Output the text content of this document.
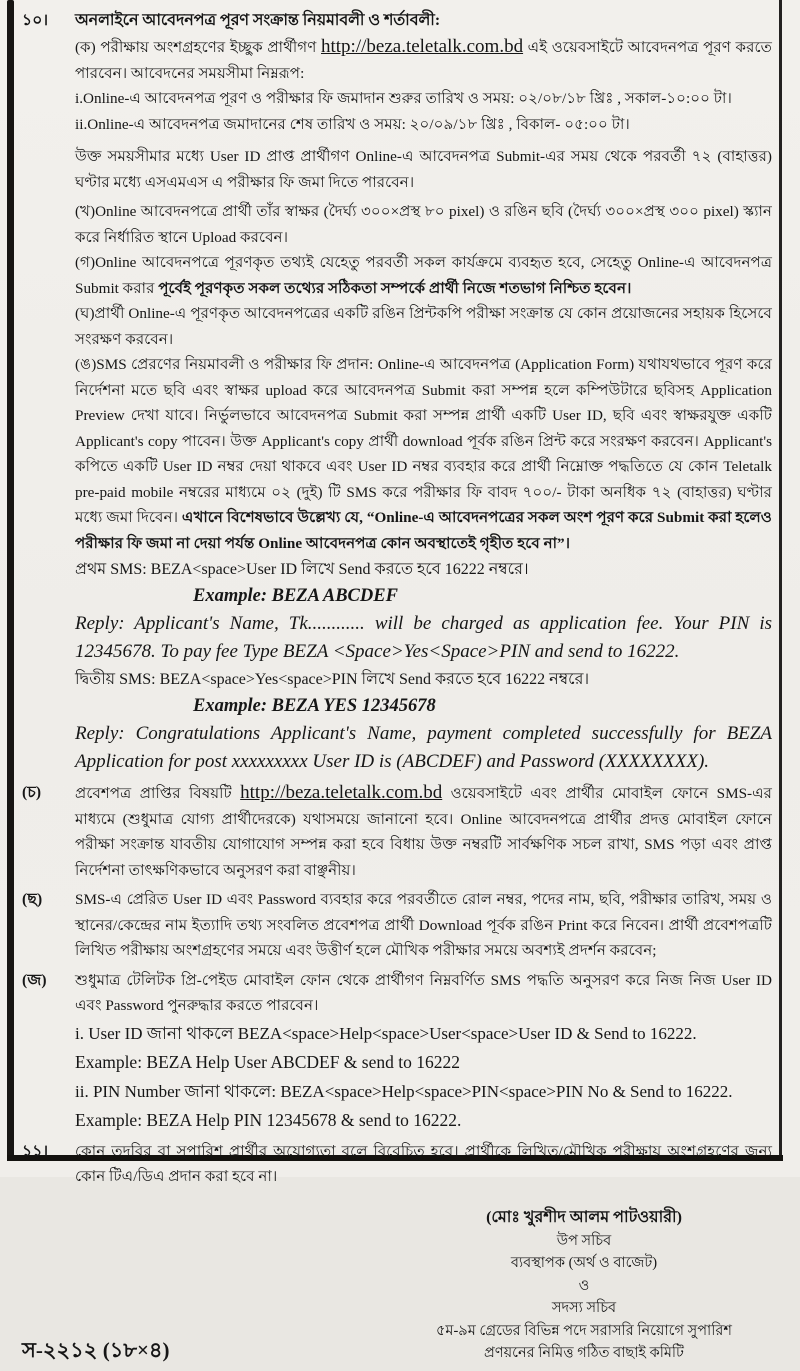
১০।	অনলাইনে আবেদনপত্র পূরণ সংক্রান্ত নিয়মাবলী ও শর্তাবলী:

(ক) পরীক্ষায় অংশগ্রহণের ইচ্ছুক প্রার্থীগণ http://beza.teletalk.com.bd এই ওয়েবসাইটে আবেদনপত্র পূরণ করতে পারবেন। আবেদনের সময়সীমা নিম্নরূপ:

i.Online-এ আবেদনপত্র পূরণ ও পরীক্ষার ফি জমাদান শুরুর তারিখ ও সময়: ০২/০৮/১৮ খ্রিঃ , সকাল-১০:০০ টা।

ii.Online-এ আবেদনপত্র জমাদানের শেষ তারিখ ও সময়: ২০/০৯/১৮ খ্রিঃ , বিকাল- ০৫:০০ টা।

উক্ত সময়সীমার মধ্যে User ID প্রাপ্ত প্রার্থীগণ Online-এ আবেদনপত্র Submit-এর সময় থেকে পরবর্তী ৭২ (বাহাত্তর) ঘণ্টার মধ্যে এসএমএস এ পরীক্ষার ফি জমা দিতে পারবেন।

(খ)Online আবেদনপত্রে প্রার্থী তাঁর স্বাক্ষর (দৈর্ঘ্য ৩০০×প্রস্থ ৮০ pixel) ও রঙিন ছবি (দৈর্ঘ্য ৩০০×প্রস্থ ৩০০ pixel) স্ক্যান করে নির্ধারিত স্থানে Upload করবেন।

(গ)Online আবেদনপত্রে পূরণকৃত তথ্যই যেহেতু পরবর্তী সকল কার্যক্রমে ব্যবহৃত হবে, সেহেতু Online-এ আবেদনপত্র Submit করার পূর্বেই পূরণকৃত সকল তথ্যের সঠিকতা সম্পর্কে প্রার্থী নিজে শতভাগ নিশ্চিত হবেন।

(ঘ)প্রার্থী Online-এ পূরণকৃত আবেদনপত্রের একটি রঙিন প্রিন্টকপি পরীক্ষা সংক্রান্ত যে কোন প্রয়োজনের সহায়ক হিসেবে সংরক্ষণ করবেন।

(ঙ)SMS প্রেরণের নিয়মাবলী ও পরীক্ষার ফি প্রদান: Online-এ আবেদনপত্র (Application Form) যথাযথভাবে পূরণ করে নির্দেশনা মতে ছবি এবং স্বাক্ষর upload করে আবেদনপত্র Submit করা সম্পন্ন হলে কম্পিউটারে ছবিসহ Application Preview দেখা যাবে। নির্ভুলভাবে আবেদনপত্র Submit করা সম্পন্ন প্রার্থী একটি User ID, ছবি এবং স্বাক্ষরযুক্ত একটি Applicant's copy পাবেন। উক্ত Applicant's copy প্রার্থী download পূর্বক রঙিন প্রিন্ট করে সংরক্ষণ করবেন। Applicant's কপিতে একটি User ID নম্বর দেয়া থাকবে এবং User ID নম্বর ব্যবহার করে প্রার্থী নিম্নোক্ত পদ্ধতিতে যে কোন Teletalk pre-paid mobile নম্বরের মাধ্যমে ০২ (দুই) টি SMS করে পরীক্ষার ফি বাবদ ৭০০/- টাকা অনধিক ৭২ (বাহাত্তর) ঘণ্টার মধ্যে জমা দিবেন। এখানে বিশেষভাবে উল্লেখ্য যে, “Online-এ আবেদনপত্রের সকল অংশ পূরণ করে Submit করা হলেও পরীক্ষার ফি জমা না দেয়া পর্যন্ত Online আবেদনপত্র কোন অবস্থাতেই গৃহীত হবে না”।

প্রথম SMS: BEZA<space>User ID লিখে Send করতে হবে 16222 নম্বরে।

Example: BEZA ABCDEF

Reply: Applicant's Name, Tk............ will be charged as application fee. Your PIN is 12345678. To pay fee Type BEZA <Space>Yes<Space>PIN and send to 16222.

দ্বিতীয় SMS: BEZA<space>Yes<space>PIN লিখে Send করতে হবে 16222 নম্বরে।

Example: BEZA YES 12345678

Reply: Congratulations Applicant's Name, payment completed successfully for BEZA Application for post xxxxxxxxx User ID is (ABCDEF) and Password (XXXXXXXX).

(চ)	প্রবেশপত্র প্রাপ্তির বিষয়টি http://beza.teletalk.com.bd ওয়েবসাইটে এবং প্রার্থীর মোবাইল ফোনে SMS-এর মাধ্যমে (শুধুমাত্র যোগ্য প্রার্থীদেরকে) যথাসময়ে জানানো হবে। Online আবেদনপত্রে প্রার্থীর প্রদত্ত মোবাইল ফোনে পরীক্ষা সংক্রান্ত যাবতীয় যোগাযোগ সম্পন্ন করা হবে বিধায় উক্ত নম্বরটি সার্বক্ষণিক সচল রাখা, SMS পড়া এবং প্রাপ্ত নির্দেশনা তাৎক্ষণিকভাবে অনুসরণ করা বাঞ্ছনীয়।

(ছ)	SMS-এ প্রেরিত User ID এবং Password ব্যবহার করে পরবর্তীতে রোল নম্বর, পদের নাম, ছবি, পরীক্ষার তারিখ, সময় ও স্থানের/কেন্দ্রের নাম ইত্যাদি তথ্য সংবলিত প্রবেশপত্র প্রার্থী Download পূর্বক রঙিন Print করে নিবেন। প্রার্থী প্রবেশপত্রটি লিখিত পরীক্ষায় অংশগ্রহণের সময়ে এবং উত্তীর্ণ হলে মৌখিক পরীক্ষার সময়ে অবশ্যই প্রদর্শন করবেন;

(জ)	শুধুমাত্র টেলিটক প্রি-পেইড মোবাইল ফোন থেকে প্রার্থীগণ নিম্নবর্ণিত SMS পদ্ধতি অনুসরণ করে নিজ নিজ User ID এবং Password পুনরুদ্ধার করতে পারবেন।

i. User ID জানা থাকলে BEZA<space>Help<space>User<space>User ID & Send to 16222.

Example: BEZA Help User ABCDEF & send to 16222

ii. PIN Number জানা থাকলে: BEZA<space>Help<space>PIN<space>PIN No & Send to 16222.

Example: BEZA Help PIN 12345678 & send to 16222.

১১।	কোন তদবির বা সুপারিশ প্রার্থীর অযোগ্যতা বলে বিবেচিত হবে। প্রার্থীকে লিখিত/মৌখিক পরীক্ষায় অংশগ্রহণের জন্য কোন টিএ/ডিএ প্রদান করা হবে না।

স-২২১২ (১৮×৪)
(মোঃ খুরশীদ আলম পাটওয়ারী)
উপ সচিব
ব্যবস্থাপক (অর্থ ও বাজেট)
ও
সদস্য সচিব
৫ম-৯ম গ্রেডের বিভিন্ন পদে সরাসরি নিয়োগে সুপারিশ
প্রণয়নের নিমিত্ত গঠিত বাছাই কমিটি
